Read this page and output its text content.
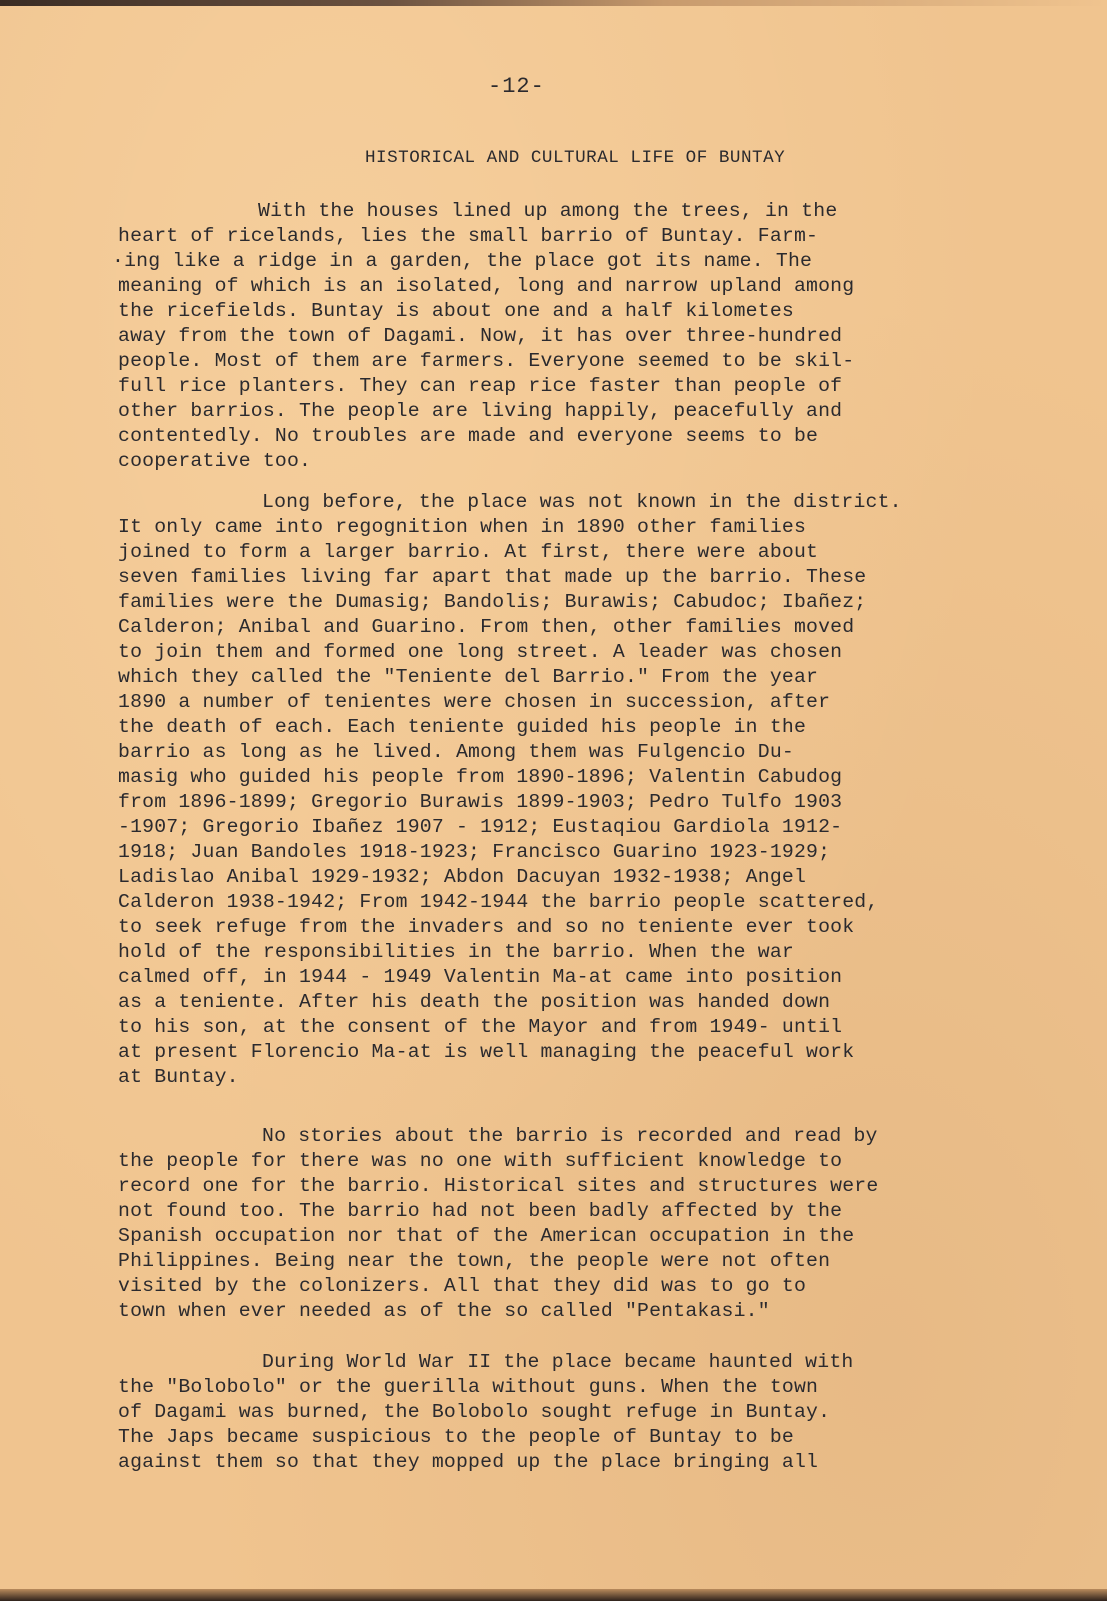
-12-
HISTORICAL AND CULTURAL LIFE OF BUNTAY
With the houses lined up among the trees, in the
heart of ricelands, lies the small barrio of Buntay. Farm-
·ing like a ridge in a garden, the place got its name. The
meaning of which is an isolated, long and narrow upland among
the ricefields. Buntay is about one and a half kilometes
away from the town of Dagami. Now, it has over three-hundred
people. Most of them are farmers. Everyone seemed to be skil-
full rice planters. They can reap rice faster than people of
other barrios. The people are living happily, peacefully and
contentedly. No troubles are made and everyone seems to be
cooperative too.
Long before, the place was not known in the district.
It only came into regognition when in 1890 other families
joined to form a larger barrio. At first, there were about
seven families living far apart that made up the barrio. These
families were the Dumasig; Bandolis; Burawis; Cabudoc; Ibañez;
Calderon; Anibal and Guarino. From then, other families moved
to join them and formed one long street. A leader was chosen
which they called the "Teniente del Barrio." From the year
1890 a number of tenientes were chosen in succession, after
the death of each. Each teniente guided his people in the
barrio as long as he lived. Among them was Fulgencio Du-
masig who guided his people from 1890-1896; Valentin Cabudog
from 1896-1899; Gregorio Burawis 1899-1903; Pedro Tulfo 1903
-1907; Gregorio Ibañez 1907 - 1912; Eustaqiou Gardiola 1912-
1918; Juan Bandoles 1918-1923; Francisco Guarino 1923-1929;
Ladislao Anibal 1929-1932; Abdon Dacuyan 1932-1938; Angel
Calderon 1938-1942; From 1942-1944 the barrio people scattered,
to seek refuge from the invaders and so no teniente ever took
hold of the responsibilities in the barrio. When the war
calmed off, in 1944 - 1949 Valentin Ma-at came into position
as a teniente. After his death the position was handed down
to his son, at the consent of the Mayor and from 1949- until
at present Florencio Ma-at is well managing the peaceful work
at Buntay.
No stories about the barrio is recorded and read by
the people for there was no one with sufficient knowledge to
record one for the barrio. Historical sites and structures were
not found too. The barrio had not been badly affected by the
Spanish occupation nor that of the American occupation in the
Philippines. Being near the town, the people were not often
visited by the colonizers. All that they did was to go to
town when ever needed as of the so called "Pentakasi."
During World War II the place became haunted with
the "Bolobolo" or the guerilla without guns. When the town
of Dagami was burned, the Bolobolo sought refuge in Buntay.
The Japs became suspicious to the people of Buntay to be
against them so that they mopped up the place bringing all
